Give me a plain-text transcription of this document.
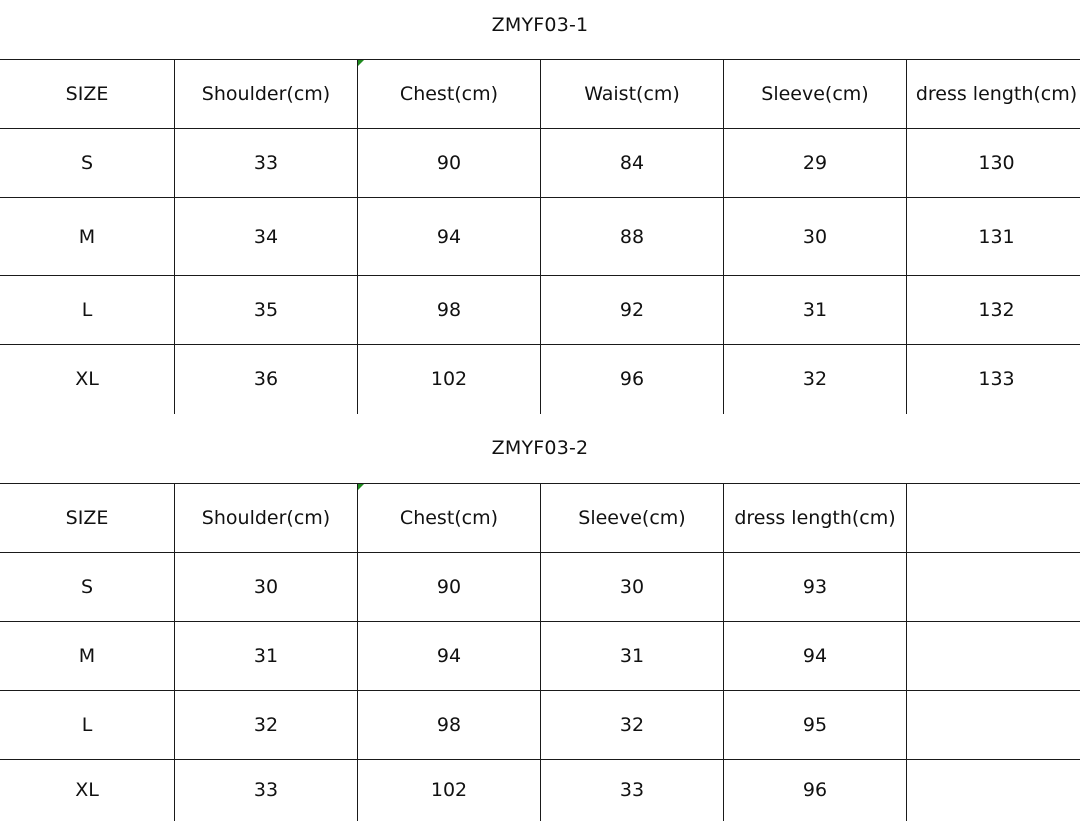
ZMYF03-1
SIZE	Shoulder(cm)	Chest(cm)	Waist(cm)	Sleeve(cm)	dress length(cm)
S	33	90	84	29	130
M	34	94	88	30	131
L	35	98	92	31	132
XL	36	102	96	32	133
ZMYF03-2
SIZE	Shoulder(cm)	Chest(cm)	Sleeve(cm)	dress length(cm)	
S	30	90	30	93	
M	31	94	31	94	
L	32	98	32	95	
XL	33	102	33	96	
